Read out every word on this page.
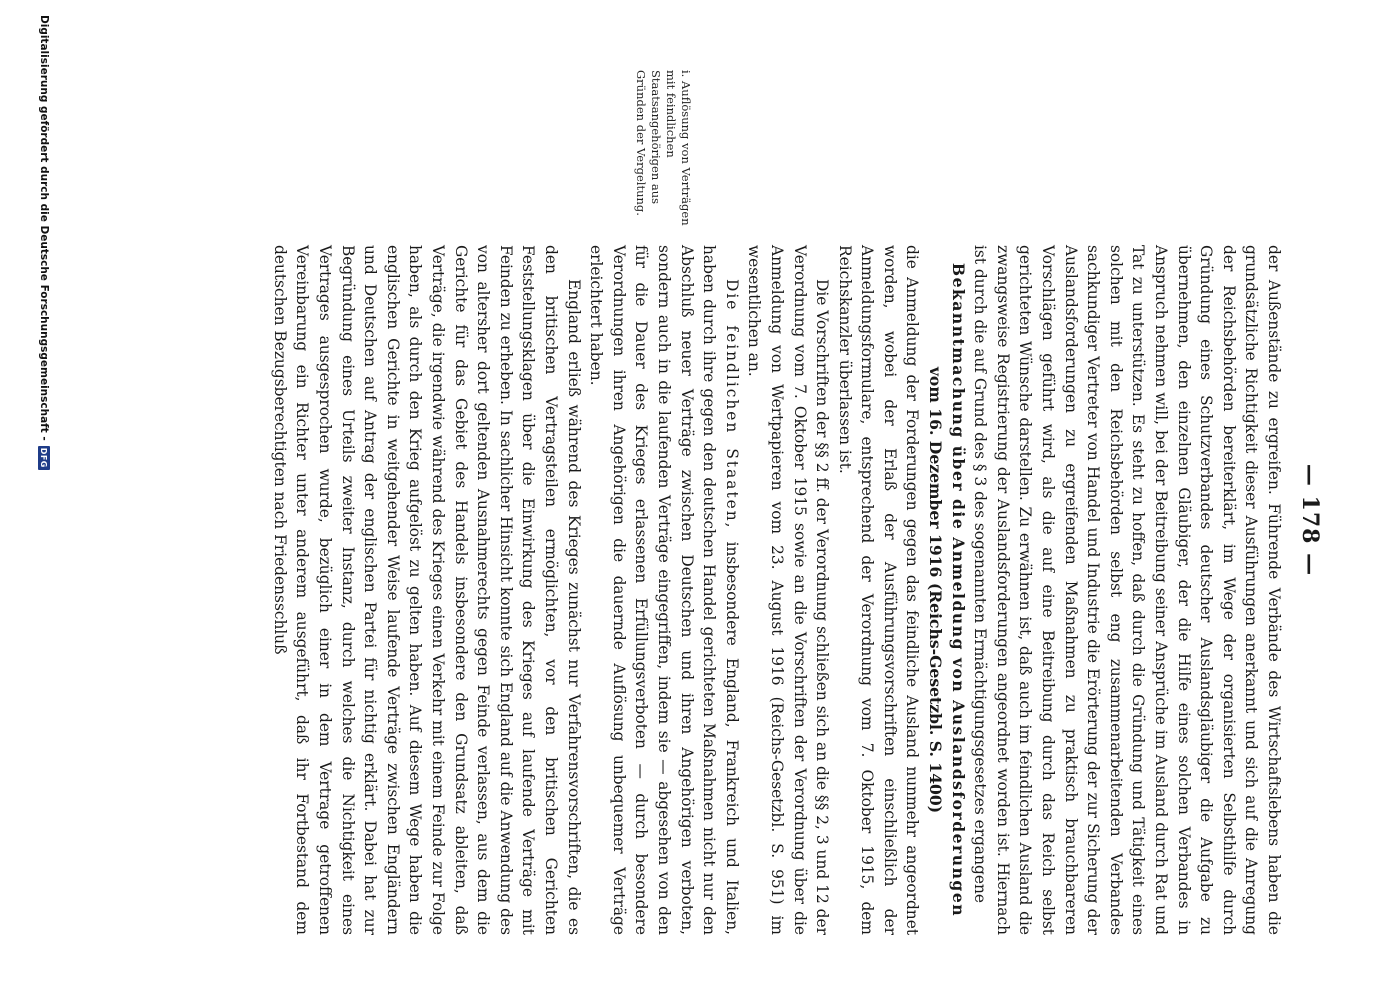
— 178 —
i. Auflösung von Verträgen mit feindlichen Staatsangehörigen aus Gründen der Vergeltung.

der Außenstände zu ergreifen. Führende Verbände des Wirtschaftslebens haben die grundsätzliche Richtigkeit dieser Ausführungen anerkannt und sich auf die Anregung der Reichsbehörden bereiterklärt, im Wege der organisierten Selbsthilfe durch Gründung eines Schutzverbandes deutscher Auslandsgläubiger die Aufgabe zu übernehmen, den einzelnen Gläubiger, der die Hilfe eines solchen Verbandes in Anspruch nehmen will, bei der Beitreibung seiner Ansprüche im Ausland durch Rat und Tat zu unterstützen. Es steht zu hoffen, daß durch die Gründung und Tätigkeit eines solchen mit den Reichsbehörden selbst eng zusammenarbeitenden Verbandes sachkundiger Vertreter von Handel und Industrie die Erörterung der zur Sicherung der Auslandsforderungen zu ergreifenden Maßnahmen zu praktisch brauchbareren Vorschlägen geführt wird, als die auf eine Beitreibung durch das Reich selbst gerichteten Wünsche darstellen. Zu erwähnen ist, daß auch im feindlichen Ausland die zwangsweise Registrierung der Auslandsforderungen angeordnet worden ist. Hiernach ist durch die auf Grund des § 3 des sogenannten Ermächtigungsgesetzes ergangene

Bekanntmachung über die Anmeldung von Auslandsforderungen

vom 16. Dezember 1916 (Reichs-Gesetzbl. S. 1400)

die Anmeldung der Forderungen gegen das feindliche Ausland nunmehr angeordnet worden, wobei der Erlaß der Ausführungsvorschriften einschließlich der Anmeldungsformulare, entsprechend der Verordnung vom 7. Oktober 1915, dem Reichskanzler überlassen ist.

Die Vorschriften der §§ 2 ff. der Verordnung schließen sich an die §§ 2, 3 und 12 der Verordnung vom 7. Oktober 1915 sowie an die Vorschriften der Verordnung über die Anmeldung von Wertpapieren vom 23. August 1916 (Reichs-Gesetzbl. S. 951) im wesentlichen an.

Die feindlichen Staaten, insbesondere England, Frankreich und Italien, haben durch ihre gegen den deutschen Handel gerichteten Maßnahmen nicht nur den Abschluß neuer Verträge zwischen Deutschen und ihren Angehörigen verboten, sondern auch in die laufenden Verträge eingegriffen, indem sie — abgesehen von den für die Dauer des Krieges erlassenen Erfüllungsverboten — durch besondere Verordnungen ihren Angehörigen die dauernde Auflösung unbequemer Verträge erleichtert haben.

England erließ während des Krieges zunächst nur Verfahrensvorschriften, die es den britischen Vertragsteilen ermöglichten, vor den britischen Gerichten Feststellungsklagen über die Einwirkung des Krieges auf laufende Verträge mit Feinden zu erheben. In sachlicher Hinsicht konnte sich England auf die Anwendung des von altersher dort geltenden Ausnahmerechts gegen Feinde verlassen, aus dem die Gerichte für das Gebiet des Handels insbesondere den Grundsatz ableiten, daß Verträge, die irgendwie während des Krieges einen Verkehr mit einem Feinde zur Folge haben, als durch den Krieg aufgelöst zu gelten haben. Auf diesem Wege haben die englischen Gerichte in weitgehender Weise laufende Verträge zwischen Engländern und Deutschen auf Antrag der englischen Partei für nichtig erklärt. Dabei hat zur Begründung eines Urteils zweiter Instanz, durch welches die Nichtigkeit eines Vertrages ausgesprochen wurde, bezüglich einer in dem Vertrage getroffenen Vereinbarung ein Richter unter anderem ausgeführt, daß ihr Fortbestand dem deutschen Bezugsberechtigten nach Friedensschluß

Digitalisierung gefördert durch die Deutsche Forschungsgemeinschaft -
DFG
